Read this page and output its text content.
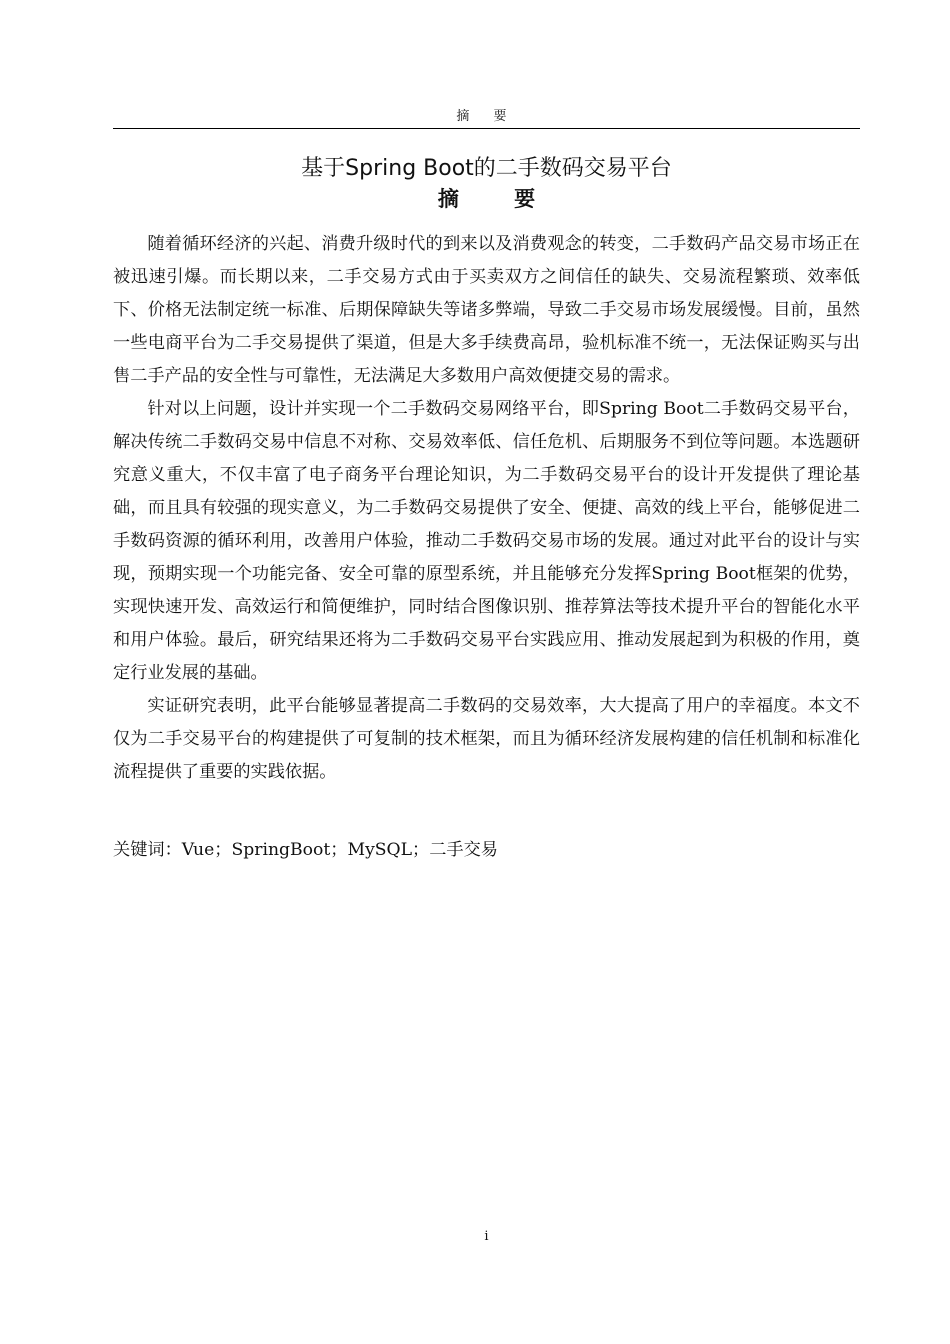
摘 要
基于Spring Boot的二手数码交易平台
摘 要

随着循环经济的兴起、消费升级时代的到来以及消费观念的转变，二手数码产品交易市场正在被迅速引爆。而长期以来，二手交易方式由于买卖双方之间信任的缺失、交易流程繁琐、效率低下、价格无法制定统一标准、后期保障缺失等诸多弊端，导致二手交易市场发展缓慢。目前，虽然一些电商平台为二手交易提供了渠道，但是大多手续费高昂，验机标准不统一，无法保证购买与出售二手产品的安全性与可靠性，无法满足大多数用户高效便捷交易的需求。

针对以上问题，设计并实现一个二手数码交易网络平台，即Spring Boot二手数码交易平台，解决传统二手数码交易中信息不对称、交易效率低、信任危机、后期服务不到位等问题。本选题研究意义重大，不仅丰富了电子商务平台理论知识，为二手数码交易平台的设计开发提供了理论基础，而且具有较强的现实意义，为二手数码交易提供了安全、便捷、高效的线上平台，能够促进二手数码资源的循环利用，改善用户体验，推动二手数码交易市场的发展。通过对此平台的设计与实现，预期实现一个功能完备、安全可靠的原型系统，并且能够充分发挥Spring Boot框架的优势，实现快速开发、高效运行和简便维护，同时结合图像识别、推荐算法等技术提升平台的智能化水平和用户体验。最后，研究结果还将为二手数码交易平台实践应用、推动发展起到为积极的作用，奠定行业发展的基础。

实证研究表明，此平台能够显著提高二手数码的交易效率，大大提高了用户的幸福度。本文不仅为二手交易平台的构建提供了可复制的技术框架，而且为循环经济发展构建的信任机制和标准化流程提供了重要的实践依据。

关键词：Vue；SpringBoot；MySQL；二手交易
i
